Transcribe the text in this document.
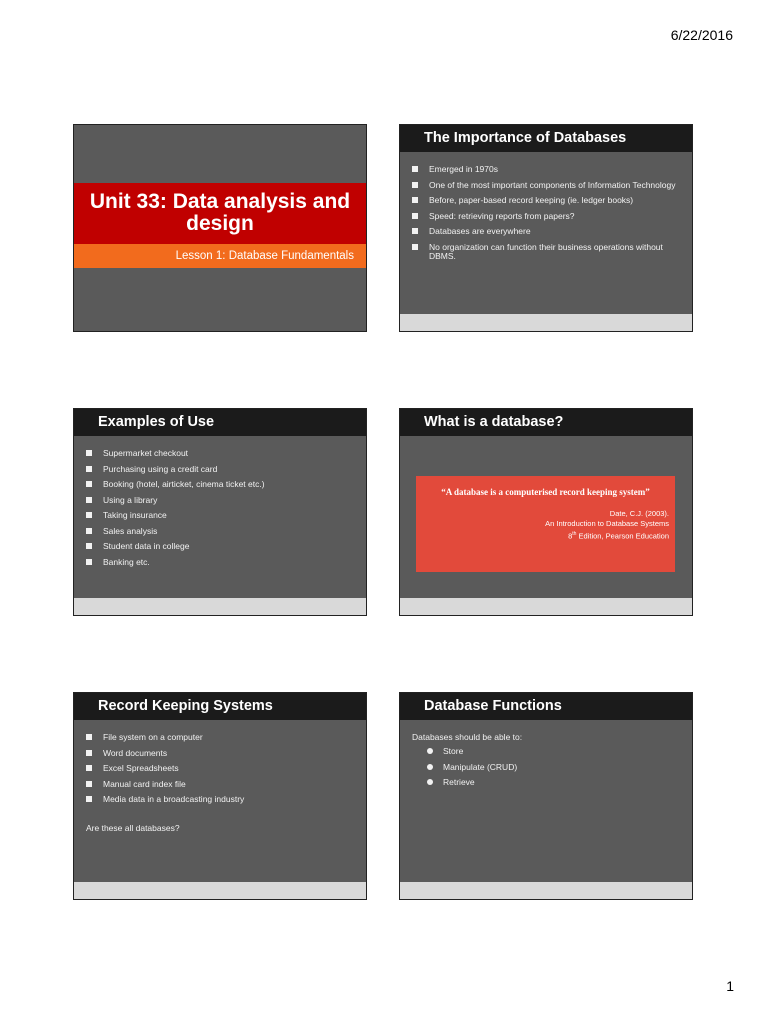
6/22/2016
Unit 33: Data analysis and design
Lesson 1: Database Fundamentals
The Importance of Databases
Emerged in 1970s
One of the most important components of Information Technology
Before, paper-based record keeping (ie. ledger books)
Speed: retrieving reports from papers?
Databases are everywhere
No organization can function their business operations without DBMS.
Examples of Use
Supermarket checkout
Purchasing using a credit card
Booking (hotel, airticket, cinema ticket etc.)
Using a library
Taking insurance
Sales analysis
Student data in college
Banking etc.
What is a database?
“A database is a computerised record keeping system”
Date, C.J. (2003).
An Introduction to Database Systems
8th Edition, Pearson Education
Record Keeping Systems
File system on a computer
Word documents
Excel Spreadsheets
Manual card index file
Media data in a broadcasting industry
Are these all databases?
Database Functions
Databases should be able to:
Store
Manipulate (CRUD)
Retrieve
1
